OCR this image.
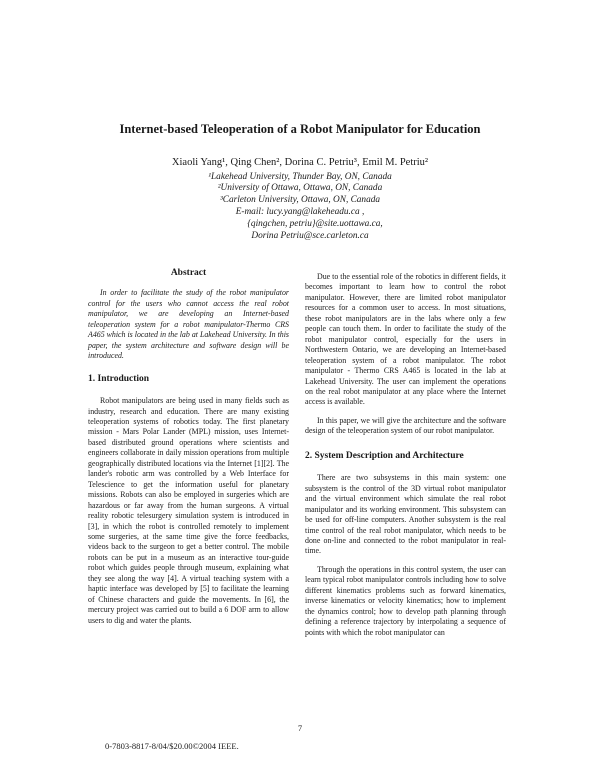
Internet-based Teleoperation of a Robot Manipulator for Education
Xiaoli Yang¹, Qing Chen², Dorina C. Petriu³, Emil M. Petriu²
¹Lakehead University, Thunder Bay, ON, Canada
²University of Ottawa, Ottawa, ON, Canada
³Carleton University, Ottawa, ON, Canada
E-mail: lucy.yang@lakeheadu.ca ,
{qingchen, petriu}@site.uottawa.ca,
Dorina Petriu@sce.carleton.ca
Abstract

In order to facilitate the study of the robot manipulator control for the users who cannot access the real robot manipulator, we are developing an Internet-based teleoperation system for a robot manipulator-Thermo CRS A465 which is located in the lab at Lakehead University. In this paper, the system architecture and software design will be introduced.

1. Introduction

Robot manipulators are being used in many fields such as industry, research and education. There are many existing teleoperation systems of robotics today. The first planetary mission - Mars Polar Lander (MPL) mission, uses Internet-based distributed ground operations where scientists and engineers collaborate in daily mission operations from multiple geographically distributed locations via the Internet [1][2]. The lander's robotic arm was controlled by a Web Interface for Telescience to get the information useful for planetary missions. Robots can also be employed in surgeries which are hazardous or far away from the human surgeons. A virtual reality robotic telesurgery simulation system is introduced in [3], in which the robot is controlled remotely to implement some surgeries, at the same time give the force feedbacks, videos back to the surgeon to get a better control. The mobile robots can be put in a museum as an interactive tour-guide robot which guides people through museum, explaining what they see along the way [4]. A virtual teaching system with a haptic interface was developed by [5] to facilitate the learning of Chinese characters and guide the movements. In [6], the mercury project was carried out to build a 6 DOF arm to allow users to dig and water the plants.

Due to the essential role of the robotics in different fields, it becomes important to learn how to control the robot manipulator. However, there are limited robot manipulator resources for a common user to access. In most situations, these robot manipulators are in the labs where only a few people can touch them. In order to facilitate the study of the robot manipulator control, especially for the users in Northwestern Ontario, we are developing an Internet-based teleoperation system of a robot manipulator. The robot manipulator - Thermo CRS A465 is located in the lab at Lakehead University. The user can implement the operations on the real robot manipulator at any place where the Internet access is available.

In this paper, we will give the architecture and the software design of the teleoperation system of our robot manipulator.

2. System Description and Architecture

There are two subsystems in this main system: one subsystem is the control of the 3D virtual robot manipulator and the virtual environment which simulate the real robot manipulator and its working environment. This subsystem can be used for off-line computers. Another subsystem is the real time control of the real robot manipulator, which needs to be done on-line and connected to the robot manipulator in real-time.

Through the operations in this control system, the user can learn typical robot manipulator controls including how to solve different kinematics problems such as forward kinematics, inverse kinematics or velocity kinematics; how to implement the dynamics control; how to develop path planning through defining a reference trajectory by interpolating a sequence of points with which the robot manipulator can

7
0-7803-8817-8/04/$20.00©2004 IEEE.
